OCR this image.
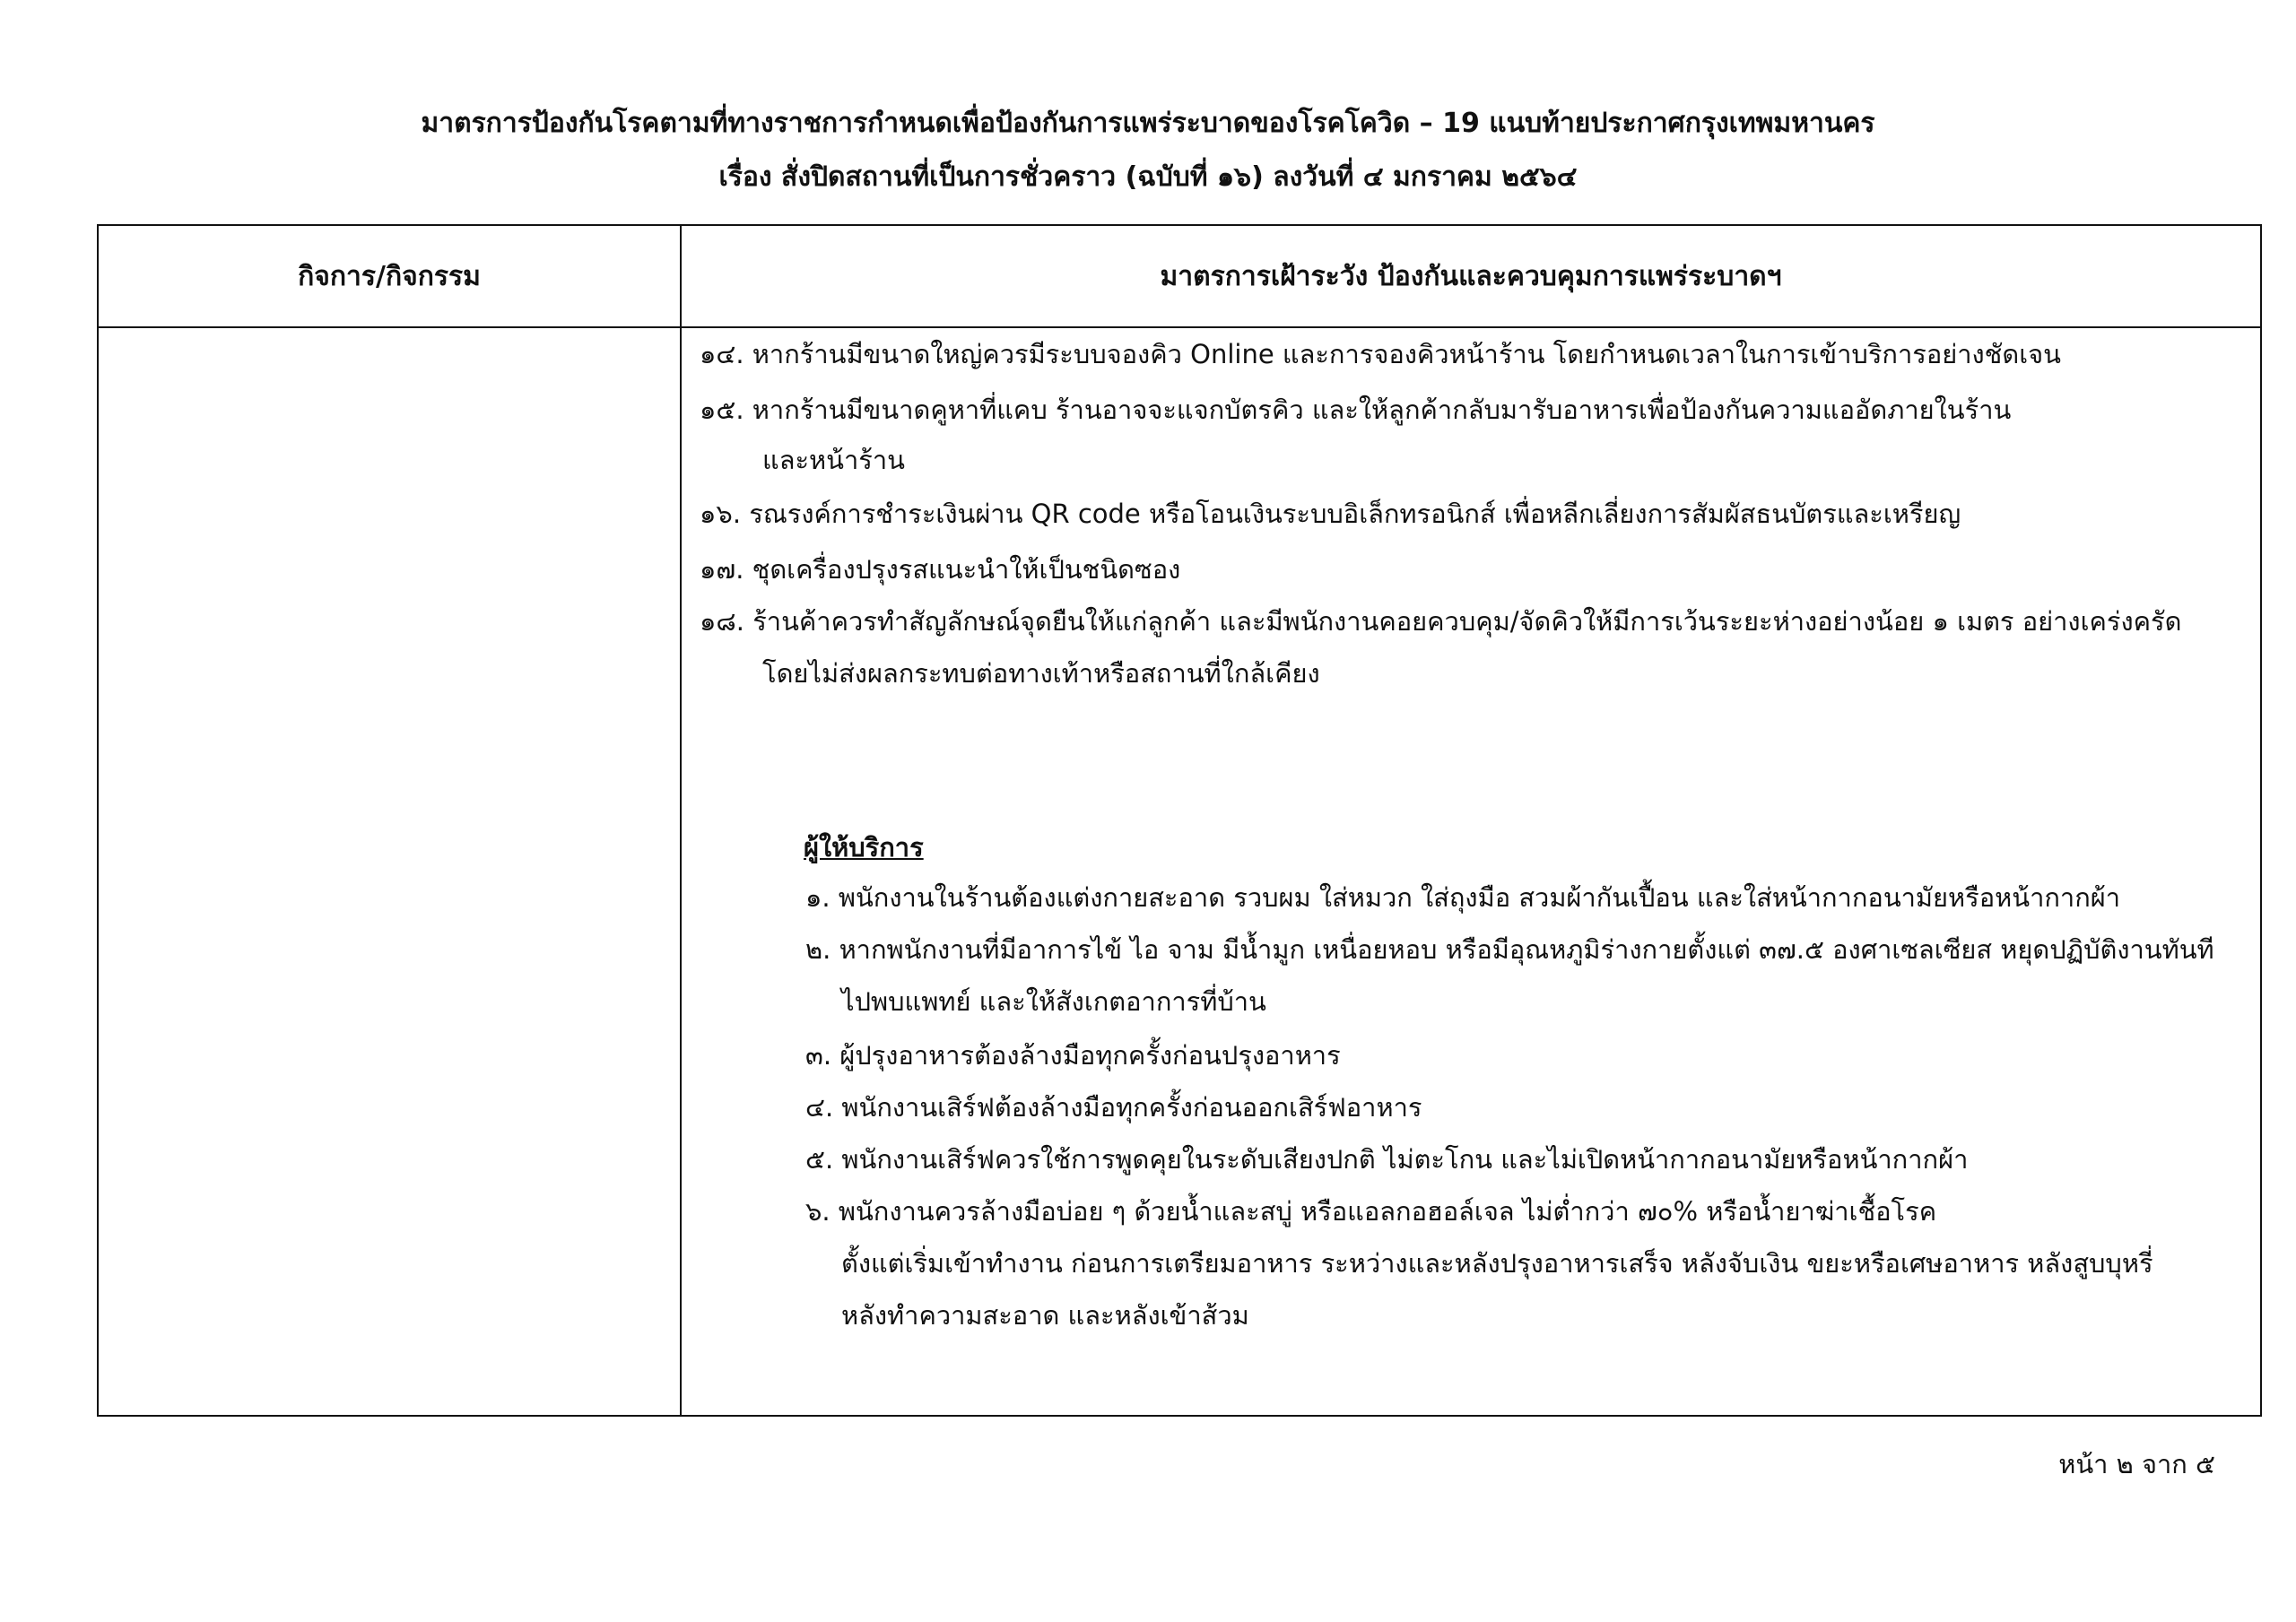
มาตรการป้องกันโรคตามที่ทางราชการกำหนดเพื่อป้องกันการแพร่ระบาดของโรคโควิด – 19 แนบท้ายประกาศกรุงเทพมหานคร
เรื่อง สั่งปิดสถานที่เป็นการชั่วคราว (ฉบับที่ ๑๖) ลงวันที่ ๔ มกราคม ๒๕๖๔
กิจการ/กิจกรรม	มาตรการเฝ้าระวัง ป้องกันและควบคุมการแพร่ระบาดฯ
๑๔. หากร้านมีขนาดใหญ่ควรมีระบบจองคิว Online และการจองคิวหน้าร้าน โดยกำหนดเวลาในการเข้าบริการอย่างชัดเจน
๑๕. หากร้านมีขนาดคูหาที่แคบ ร้านอาจจะแจกบัตรคิว และให้ลูกค้ากลับมารับอาหารเพื่อป้องกันความแออัดภายในร้าน
และหน้าร้าน
๑๖. รณรงค์การชำระเงินผ่าน QR code หรือโอนเงินระบบอิเล็กทรอนิกส์ เพื่อหลีกเลี่ยงการสัมผัสธนบัตรและเหรียญ
๑๗. ชุดเครื่องปรุงรสแนะนำให้เป็นชนิดซอง
๑๘. ร้านค้าควรทำสัญลักษณ์จุดยืนให้แก่ลูกค้า และมีพนักงานคอยควบคุม/จัดคิวให้มีการเว้นระยะห่างอย่างน้อย ๑ เมตร อย่างเคร่งครัด
โดยไม่ส่งผลกระทบต่อทางเท้าหรือสถานที่ใกล้เคียง
ผู้ให้บริการ
๑. พนักงานในร้านต้องแต่งกายสะอาด รวบผม ใส่หมวก ใส่ถุงมือ สวมผ้ากันเปื้อน และใส่หน้ากากอนามัยหรือหน้ากากผ้า
๒. หากพนักงานที่มีอาการไข้ ไอ จาม มีน้ำมูก เหนื่อยหอบ หรือมีอุณหภูมิร่างกายตั้งแต่ ๓๗.๕ องศาเซลเซียส หยุดปฏิบัติงานทันที
ไปพบแพทย์ และให้สังเกตอาการที่บ้าน
๓. ผู้ปรุงอาหารต้องล้างมือทุกครั้งก่อนปรุงอาหาร
๔. พนักงานเสิร์ฟต้องล้างมือทุกครั้งก่อนออกเสิร์ฟอาหาร
๕. พนักงานเสิร์ฟควรใช้การพูดคุยในระดับเสียงปกติ ไม่ตะโกน และไม่เปิดหน้ากากอนามัยหรือหน้ากากผ้า
๖. พนักงานควรล้างมือบ่อย ๆ ด้วยน้ำและสบู่ หรือแอลกอฮอล์เจล ไม่ต่ำกว่า ๗๐% หรือน้ำยาฆ่าเชื้อโรค
ตั้งแต่เริ่มเข้าทำงาน ก่อนการเตรียมอาหาร ระหว่างและหลังปรุงอาหารเสร็จ หลังจับเงิน ขยะหรือเศษอาหาร หลังสูบบุหรี่
หลังทำความสะอาด และหลังเข้าส้วม
หน้า ๒ จาก ๕
